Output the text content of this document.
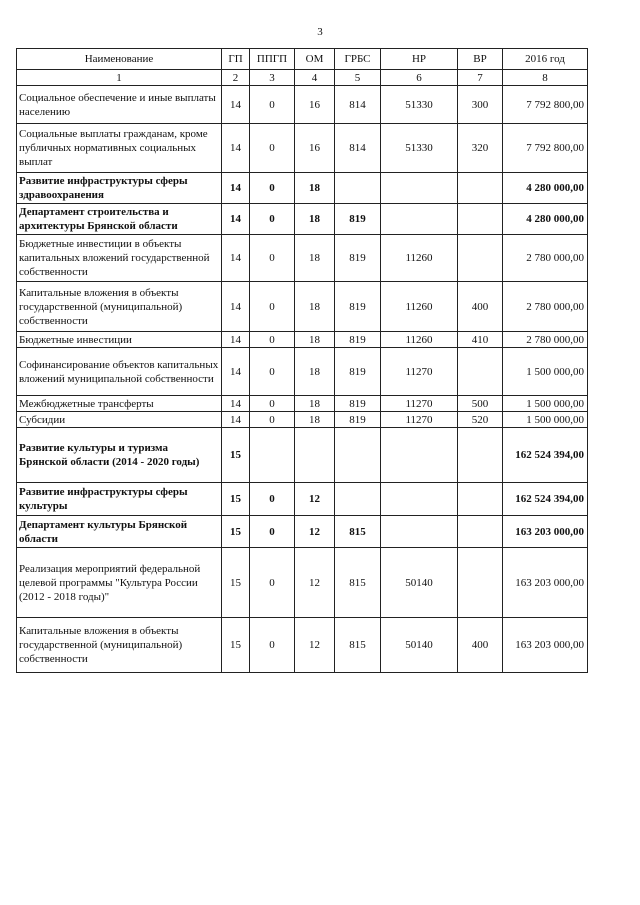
3
Наименование	ГП	ППГП	ОМ	ГРБС	НР	ВР	2016 год
1	2	3	4	5	6	7	8
Социальное обеспечение и иные выплаты населению	14	0	16	814	51330	300	7 792 800,00
Социальные выплаты гражданам, кроме публичных нормативных социальных выплат	14	0	16	814	51330	320	7 792 800,00
Развитие инфраструктуры сферы здравоохранения	14	0	18				4 280 000,00
Департамент строительства и архитектуры Брянской области	14	0	18	819			4 280 000,00
Бюджетные инвестиции в объекты капитальных вложений государственной собственности	14	0	18	819	11260		2 780 000,00
Капитальные вложения в объекты государственной (муниципальной) собственности	14	0	18	819	11260	400	2 780 000,00
Бюджетные инвестиции	14	0	18	819	11260	410	2 780 000,00
Софинансирование объектов капитальных вложений муниципальной собственности	14	0	18	819	11270		1 500 000,00
Межбюджетные трансферты	14	0	18	819	11270	500	1 500 000,00
Субсидии	14	0	18	819	11270	520	1 500 000,00
Развитие культуры и туризма Брянской области (2014 - 2020 годы)	15						162 524 394,00
Развитие инфраструктуры сферы культуры	15	0	12				162 524 394,00
Департамент культуры Брянской области	15	0	12	815			163 203 000,00
Реализация мероприятий федеральной целевой программы "Культура России (2012 - 2018 годы)"	15	0	12	815	50140		163 203 000,00
Капитальные вложения в объекты государственной (муниципальной) собственности	15	0	12	815	50140	400	163 203 000,00
